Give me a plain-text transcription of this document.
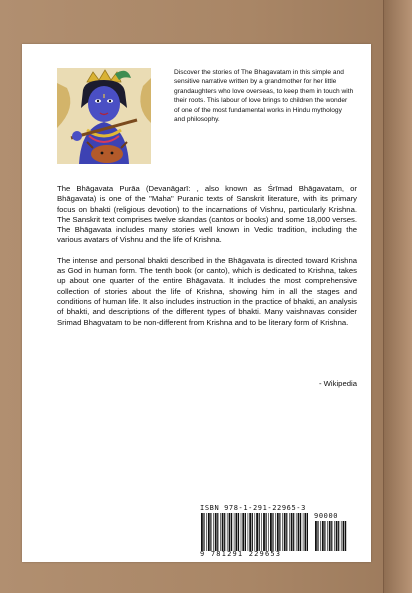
Discover the stories of The Bhagavatam in this simple and sensitive narrative written by a grandmother for her little grandaughters who love overseas, to keep them in touch with their roots. This labour of love brings to children the wonder of one of the most fundamental works in Hindu mythology and philosophy.

The Bhāgavata Purāa (Devanāgarī: , also known as Śrīmad Bhāgavatam, or Bhāgavata) is one of the "Maha" Puranic texts of Sanskrit literature, with its primary focus on bhakti (religious devotion) to the incarnations of Vishnu, particularly Krishna. The Sanskrit text comprises twelve skandas (cantos or books) and some 18,000 verses. The Bhāgavata includes many stories well known in Vedic tradition, including the various avatars of Vishnu and the life of Krishna.

The intense and personal bhakti described in the Bhāgavata is directed toward Krishna as God in human form. The tenth book (or canto), which is dedicated to Krishna, takes up about one quarter of the entire Bhāgavata. It includes the most comprehensive collection of stories about the life of Krishna, showing him in all the stages and conditions of human life. It also includes instruction in the practice of bhakti, an analysis of bhakti, and descriptions of the different types of bhakti. Many vaishnavas consider Srimad Bhagvatam to be non-different from Krishna and to be literary form of Krishna.

- Wikipedia
ISBN 978-1-291-22965-3
90000
9 781291 229653
